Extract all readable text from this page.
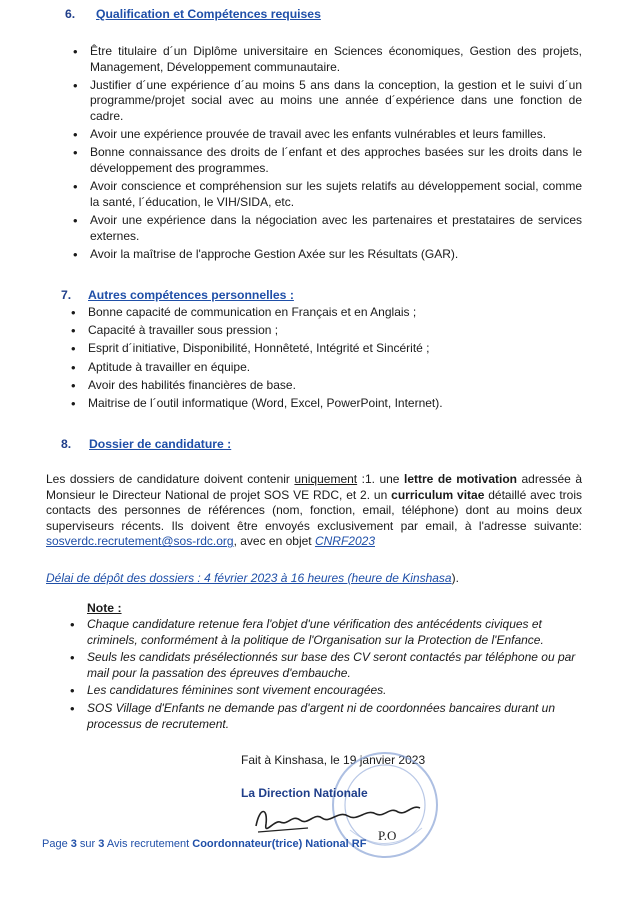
6. Qualification et Compétences requises
• Être titulaire d´un Diplôme universitaire en Sciences économiques, Gestion des projets, Management, Développement communautaire.
• Justifier d´une expérience d´au moins 5 ans dans la conception, la gestion et le suivi d´un programme/projet social avec au moins une année d´expérience dans une fonction de cadre.
• Avoir une expérience prouvée de travail avec les enfants vulnérables et leurs familles.
• Bonne connaissance des droits de l´enfant et des approches basées sur les droits dans le développement des programmes.
• Avoir conscience et compréhension sur les sujets relatifs au développement social, comme la santé, l´éducation, le VIH/SIDA, etc.
• Avoir une expérience dans la négociation avec les partenaires et prestataires de services externes.
• Avoir la maîtrise de l'approche Gestion Axée sur les Résultats (GAR).
7. Autres compétences personnelles :
• Bonne capacité de communication en Français et en Anglais ;
• Capacité à travailler sous pression ;
• Esprit d´initiative, Disponibilité, Honnêteté, Intégrité et Sincérité ;
• Aptitude à travailler en équipe.
• Avoir des habilités financières de base.
• Maitrise de l´outil informatique (Word, Excel, PowerPoint, Internet).
8. Dossier de candidature :
Les dossiers de candidature doivent contenir uniquement :1. une lettre de motivation adressée à Monsieur le Directeur National de projet SOS VE RDC, et 2. un curriculum vitae détaillé avec trois contacts des personnes de références (nom, fonction, email, téléphone) dont au moins deux superviseurs récents. Ils doivent être envoyés exclusivement par email, à l'adresse suivante: sosverdc.recrutement@sos-rdc.org, avec en objet CNRF2023
Délai de dépôt des dossiers : 4 février 2023 à 16 heures (heure de Kinshasa).
Note :
• Chaque candidature retenue fera l'objet d'une vérification des antécédents civiques et criminels, conformément à la politique de l'Organisation sur la Protection de l'Enfance.
• Seuls les candidats présélectionnés sur base des CV seront contactés par téléphone ou par mail pour la passation des épreuves d'embauche.
• Les candidatures féminines sont vivement encouragées.
• SOS Village d'Enfants ne demande pas d'argent ni de coordonnées bancaires durant un processus de recrutement.
Fait à Kinshasa, le 19 janvier 2023
La Direction Nationale
P.O
Page 3 sur 3 Avis recrutement Coordonnateur(trice) National RF
